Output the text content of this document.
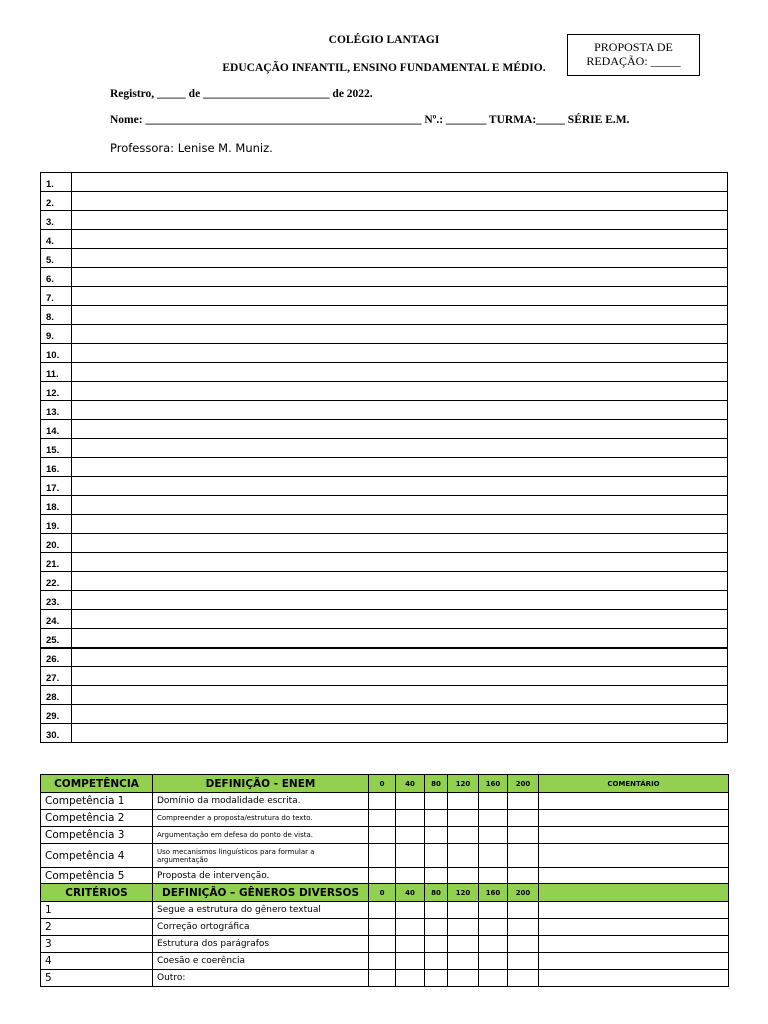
COLÉGIO LANTAGI
EDUCAÇÃO INFANTIL, ENSINO FUNDAMENTAL E MÉDIO.
PROPOSTA DE
REDAÇÃO: _____
Registro, _____ de ______________________ de 2022.
Nome: ________________________________________________ Nº.: _______ TURMA:_____ SÉRIE E.M.
Professora: Lenise M. Muniz.
1.	
2.	
3.	
4.	
5.	
6.	
7.	
8.	
9.	
10.	
11.	
12.	
13.	
14.	
15.	
16.	
17.	
18.	
19.	
20.	
21.	
22.	
23.	
24.	
25.	
26.	
27.	
28.	
29.	
30.	
COMPETÊNCIA	DEFINIÇÃO - ENEM	0	40	80	120	160	200	COMENTÁRIO
Competência 1	Domínio da modalidade escrita.							
Competência 2	Compreender a proposta/estrutura do texto.							
Competência 3	Argumentação em defesa do ponto de vista.							
Competência 4	Uso mecanismos linguísticos para formular a argumentação							
Competência 5	Proposta de intervenção.							
CRITÉRIOS	DEFINIÇÃO – GÊNEROS DIVERSOS	0	40	80	120	160	200	
1	Segue a estrutura do gênero textual							
2	Correção ortográfica							
3	Estrutura dos parágrafos							
4	Coesão e coerência							
5	Outro:							
